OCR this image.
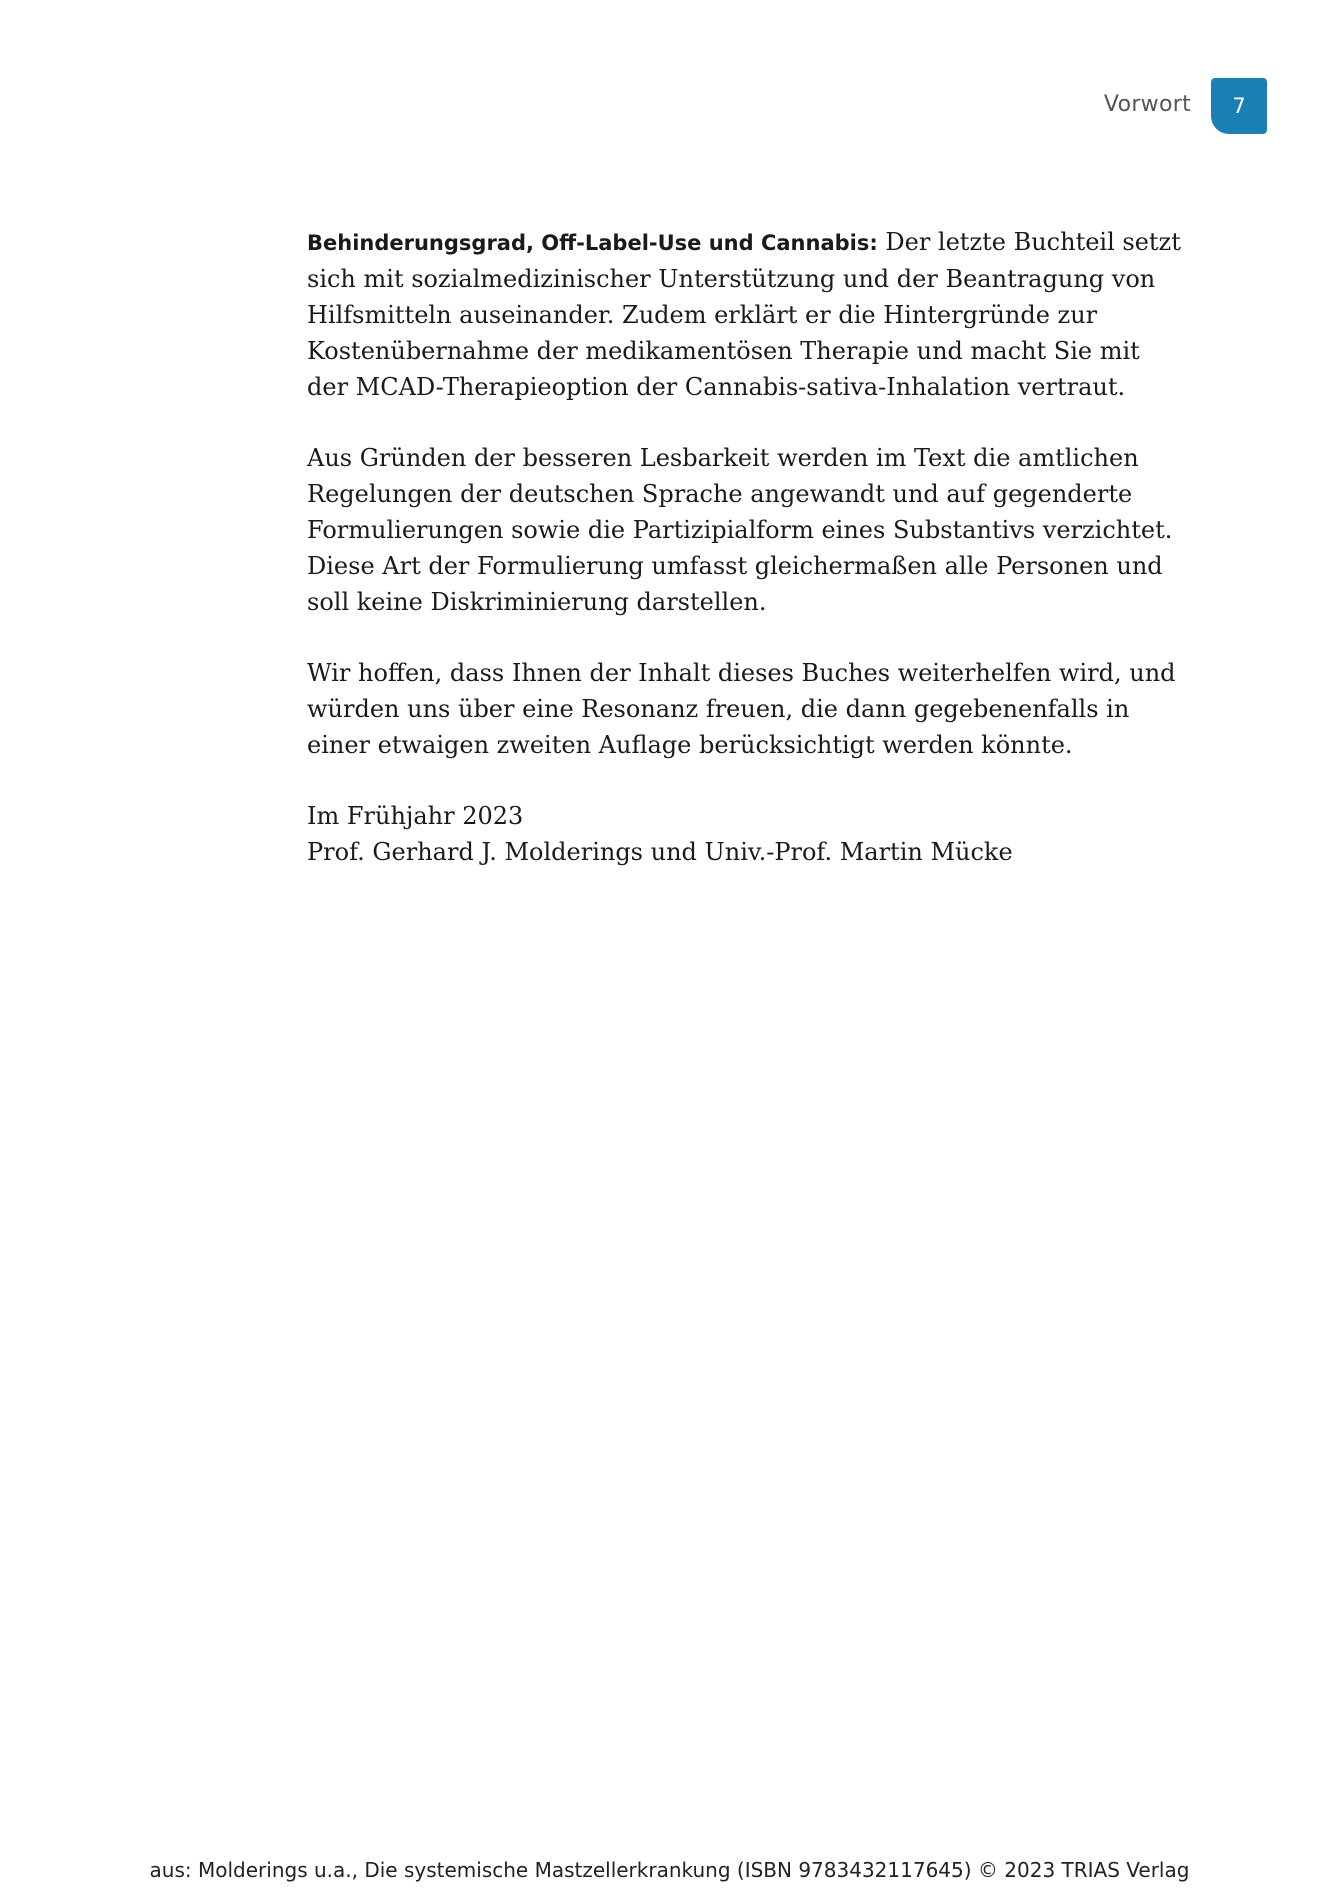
Vorwort 7

Behinderungsgrad, Off-Label-Use und Cannabis: Der letzte Buchteil setzt sich mit sozialmedizinischer Unterstützung und der Beantragung von Hilfsmitteln auseinander. Zudem erklärt er die Hintergründe zur Kostenübernahme der medikamentösen Therapie und macht Sie mit der MCAD-Therapieoption der Cannabis-sativa-Inhalation vertraut.

Aus Gründen der besseren Lesbarkeit werden im Text die amtlichen Regelungen der deutschen Sprache angewandt und auf gegenderte Formulierungen sowie die Partizipialform eines Substantivs verzichtet. Diese Art der Formulierung umfasst gleichermaßen alle Personen und soll keine Diskriminierung darstellen.

Wir hoffen, dass Ihnen der Inhalt dieses Buches weiterhelfen wird, und würden uns über eine Resonanz freuen, die dann gegebenenfalls in einer etwaigen zweiten Auflage berücksichtigt werden könnte.

Im Frühjahr 2023
Prof. Gerhard J. Molderings und Univ.-Prof. Martin Mücke

aus: Molderings u.a., Die systemische Mastzellerkrankung (ISBN 9783432117645) © 2023 TRIAS Verlag
